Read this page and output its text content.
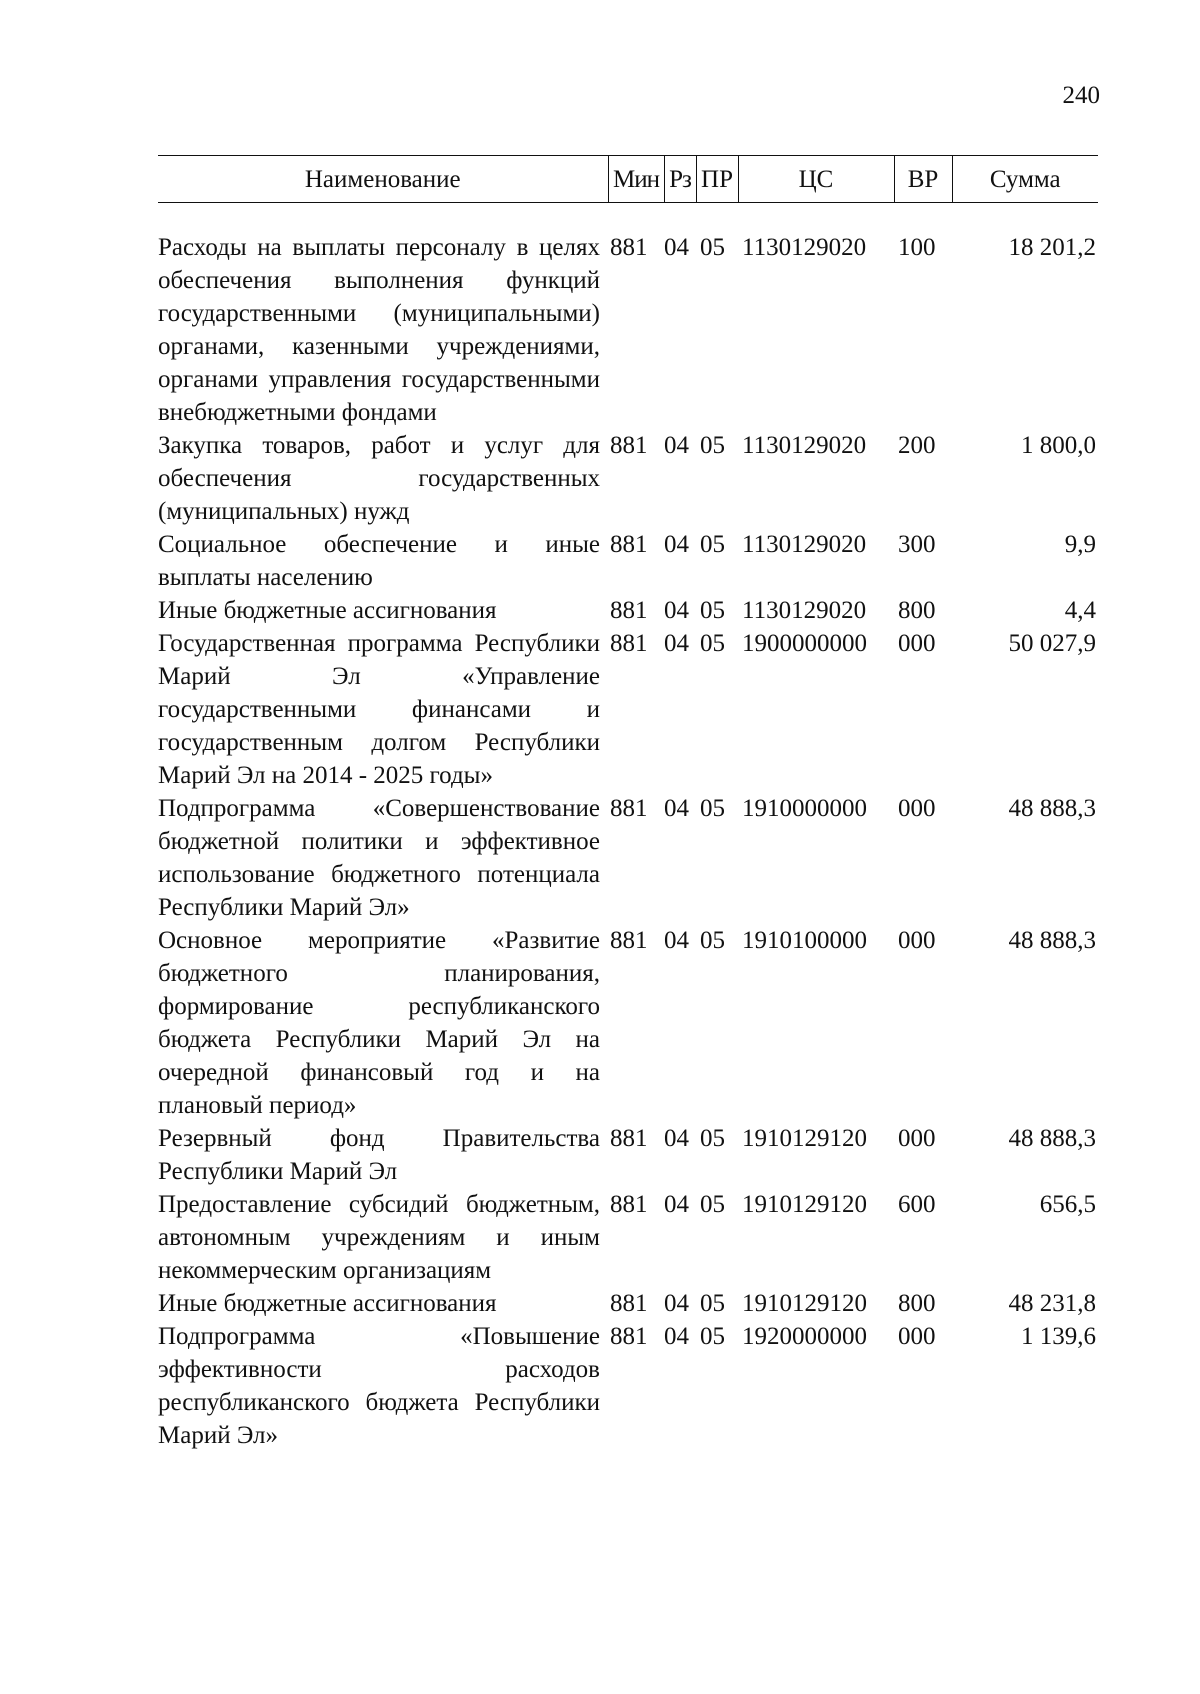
240
Наименование	Мин	Рз	ПР	ЦС	ВР	Сумма

Расходы на выплаты персоналу в целях обеспечения выполнения функций государственными (муниципальными) органами, казенными учреждениями, органами управления государственными внебюджетными фондами	881	04	05	1130129020	100	18 201,2
Закупка товаров, работ и услуг для обеспечения государственных (муниципальных) нужд	881	04	05	1130129020	200	1 800,0
Социальное обеспечение и иные выплаты населению	881	04	05	1130129020	300	9,9
Иные бюджетные ассигнования	881	04	05	1130129020	800	4,4
Государственная программа Республики Марий Эл «Управление государственными финансами и государственным долгом Республики Марий Эл на 2014 - 2025 годы»	881	04	05	1900000000	000	50 027,9
Подпрограмма «Совершенствование бюджетной политики и эффективное использование бюджетного потенциала Республики Марий Эл»	881	04	05	1910000000	000	48 888,3
Основное мероприятие «Развитие бюджетного планирования, формирование республиканского бюджета Республики Марий Эл на очередной финансовый год и на плановый период»	881	04	05	1910100000	000	48 888,3
Резервный фонд Правительства Республики Марий Эл	881	04	05	1910129120	000	48 888,3
Предоставление субсидий бюджетным, автономным учреждениям и иным некоммерческим организациям	881	04	05	1910129120	600	656,5
Иные бюджетные ассигнования	881	04	05	1910129120	800	48 231,8
Подпрограмма «Повышение эффективности расходов республиканского бюджета Республики Марий Эл»	881	04	05	1920000000	000	1 139,6
